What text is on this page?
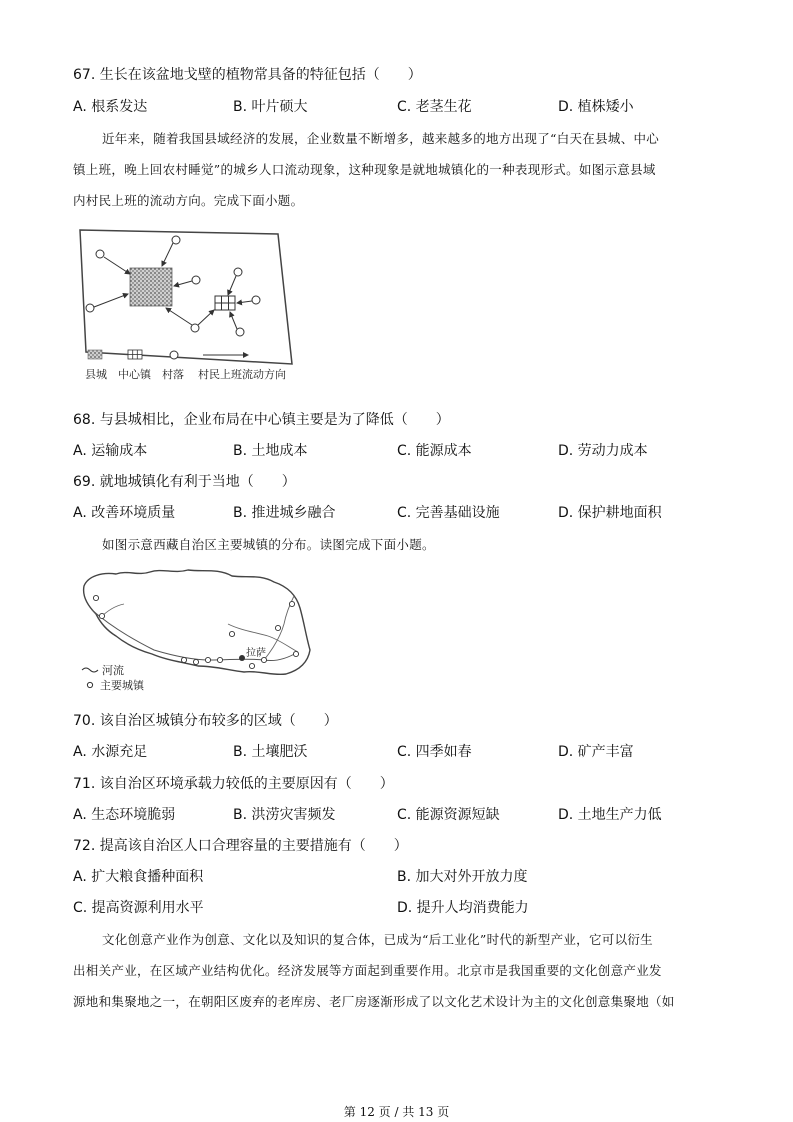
67. 生长在该盆地戈壁的植物常具备的特征包括（　　）
A. 根系发达	B. 叶片硕大	C. 老茎生花	D. 植株矮小
近年来，随着我国县域经济的发展，企业数量不断增多，越来越多的地方出现了“白天在县城、中心
镇上班，晚上回农村睡觉”的城乡人口流动现象，这种现象是就地城镇化的一种表现形式。如图示意县域
内村民上班的流动方向。完成下面小题。
县城 中心镇 村落 村民上班流动方向
68. 与县城相比，企业布局在中心镇主要是为了降低（　　）
A. 运输成本	B. 土地成本	C. 能源成本	D. 劳动力成本
69. 就地城镇化有利于当地（　　）
A. 改善环境质量	B. 推进城乡融合	C. 完善基础设施	D. 保护耕地面积
如图示意西藏自治区主要城镇的分布。读图完成下面小题。
拉萨
河流
主要城镇
70. 该自治区城镇分布较多的区域（　　）
A. 水源充足	B. 土壤肥沃	C. 四季如春	D. 矿产丰富
71. 该自治区环境承载力较低的主要原因有（　　）
A. 生态环境脆弱	B. 洪涝灾害频发	C. 能源资源短缺	D. 土地生产力低
72. 提高该自治区人口合理容量的主要措施有（　　）
A. 扩大粮食播种面积	B. 加大对外开放力度
C. 提高资源利用水平	D. 提升人均消费能力
文化创意产业作为创意、文化以及知识的复合体，已成为“后工业化”时代的新型产业，它可以衍生
出相关产业，在区域产业结构优化。经济发展等方面起到重要作用。北京市是我国重要的文化创意产业发
源地和集聚地之一，在朝阳区废弃的老库房、老厂房逐渐形成了以文化艺术设计为主的文化创意集聚地（如
第 12 页 / 共 13 页
